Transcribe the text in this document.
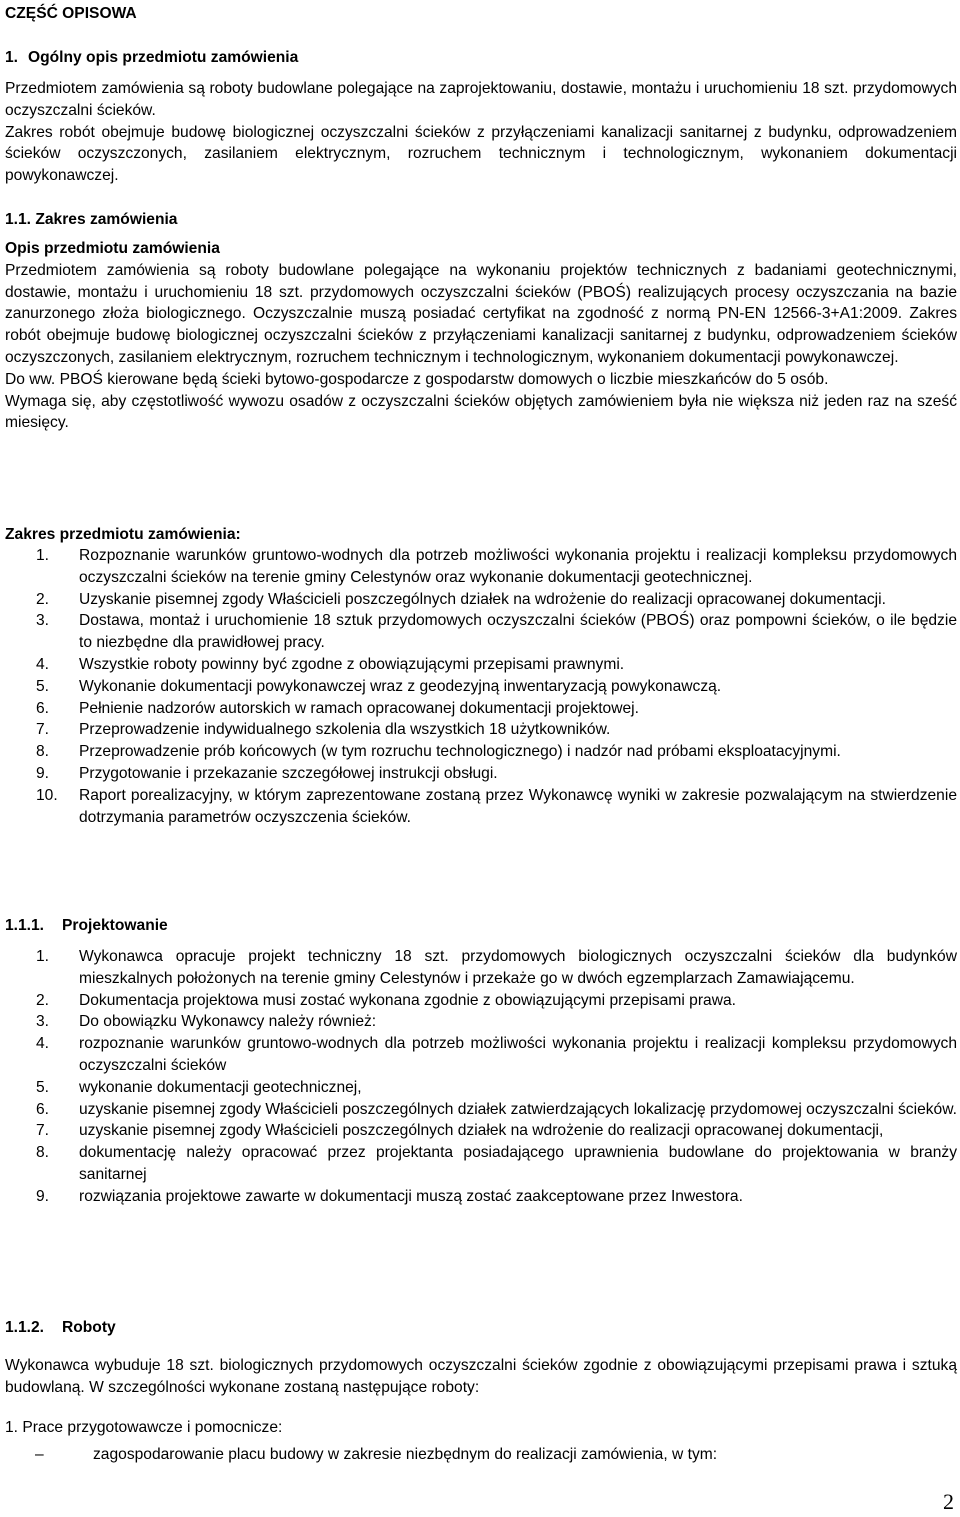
CZĘŚĆ OPISOWA
1. Ogólny opis przedmiotu zamówienia

Przedmiotem zamówienia są roboty budowlane polegające na zaprojektowaniu, dostawie, montażu i uruchomieniu 18 szt. przydomowych oczyszczalni ścieków.

Zakres robót obejmuje budowę biologicznej oczyszczalni ścieków z przyłączeniami kanalizacji sanitarnej z budynku, odprowadzeniem ścieków oczyszczonych, zasilaniem elektrycznym, rozruchem technicznym i technologicznym, wykonaniem dokumentacji powykonawczej.

1.1. Zakres zamówienia

Opis przedmiotu zamówienia

Przedmiotem zamówienia są roboty budowlane polegające na wykonaniu projektów technicznych z badaniami geotechnicznymi, dostawie, montażu i uruchomieniu 18 szt. przydomowych oczyszczalni ścieków (PBOŚ) realizujących procesy oczyszczania na bazie zanurzonego złoża biologicznego. Oczyszczalnie muszą posiadać certyfikat na zgodność z normą PN-EN 12566-3+A1:2009. Zakres robót obejmuje budowę biologicznej oczyszczalni ścieków z przyłączeniami kanalizacji sanitarnej z budynku, odprowadzeniem ścieków oczyszczonych, zasilaniem elektrycznym, rozruchem technicznym i technologicznym, wykonaniem dokumentacji powykonawczej.

Do ww. PBOŚ kierowane będą ścieki bytowo-gospodarcze z gospodarstw domowych o liczbie mieszkańców do 5 osób.

Wymaga się, aby częstotliwość wywozu osadów z oczyszczalni ścieków objętych zamówieniem była nie większa niż jeden raz na sześć miesięcy.

Zakres przedmiotu zamówienia:
1. Rozpoznanie warunków gruntowo-wodnych dla potrzeb możliwości wykonania projektu i realizacji kompleksu przydomowych oczyszczalni ścieków na terenie gminy Celestynów oraz wykonanie dokumentacji geotechnicznej.
2. Uzyskanie pisemnej zgody Właścicieli poszczególnych działek na wdrożenie do realizacji opracowanej dokumentacji.
3. Dostawa, montaż i uruchomienie 18 sztuk przydomowych oczyszczalni ścieków (PBOŚ) oraz pompowni ścieków, o ile będzie to niezbędne dla prawidłowej pracy.
4. Wszystkie roboty powinny być zgodne z obowiązującymi przepisami prawnymi.
5. Wykonanie dokumentacji powykonawczej wraz z geodezyjną inwentaryzacją powykonawczą.
6. Pełnienie nadzorów autorskich w ramach opracowanej dokumentacji projektowej.
7. Przeprowadzenie indywidualnego szkolenia dla wszystkich 18 użytkowników.
8. Przeprowadzenie prób końcowych (w tym rozruchu technologicznego) i nadzór nad próbami eksploatacyjnymi.
9. Przygotowanie i przekazanie szczegółowej instrukcji obsługi.
10. Raport porealizacyjny, w którym zaprezentowane zostaną przez Wykonawcę wyniki w zakresie pozwalającym na stwierdzenie dotrzymania parametrów oczyszczenia ścieków.
1.1.1. Projektowanie
1. Wykonawca opracuje projekt techniczny 18 szt. przydomowych biologicznych oczyszczalni ścieków dla budynków mieszkalnych położonych na terenie gminy Celestynów i przekaże go w dwóch egzemplarzach Zamawiającemu.
2. Dokumentacja projektowa musi zostać wykonana zgodnie z obowiązującymi przepisami prawa.
3. Do obowiązku Wykonawcy należy również:
4. rozpoznanie warunków gruntowo-wodnych dla potrzeb możliwości wykonania projektu i realizacji kompleksu przydomowych oczyszczalni ścieków
5. wykonanie dokumentacji geotechnicznej,
6. uzyskanie pisemnej zgody Właścicieli poszczególnych działek zatwierdzających lokalizację przydomowej oczyszczalni ścieków.
7. uzyskanie pisemnej zgody Właścicieli poszczególnych działek na wdrożenie do realizacji opracowanej dokumentacji,
8. dokumentację należy opracować przez projektanta posiadającego uprawnienia budowlane do projektowania w branży sanitarnej
9. rozwiązania projektowe zawarte w dokumentacji muszą zostać zaakceptowane przez Inwestora.
1.1.2. Roboty

Wykonawca wybuduje 18 szt. biologicznych przydomowych oczyszczalni ścieków zgodnie z obowiązującymi przepisami prawa i sztuką budowlaną. W szczególności wykonane zostaną następujące roboty:

1. Prace przygotowawcze i pomocnicze:
–	zagospodarowanie placu budowy w zakresie niezbędnym do realizacji zamówienia, w tym:
2
